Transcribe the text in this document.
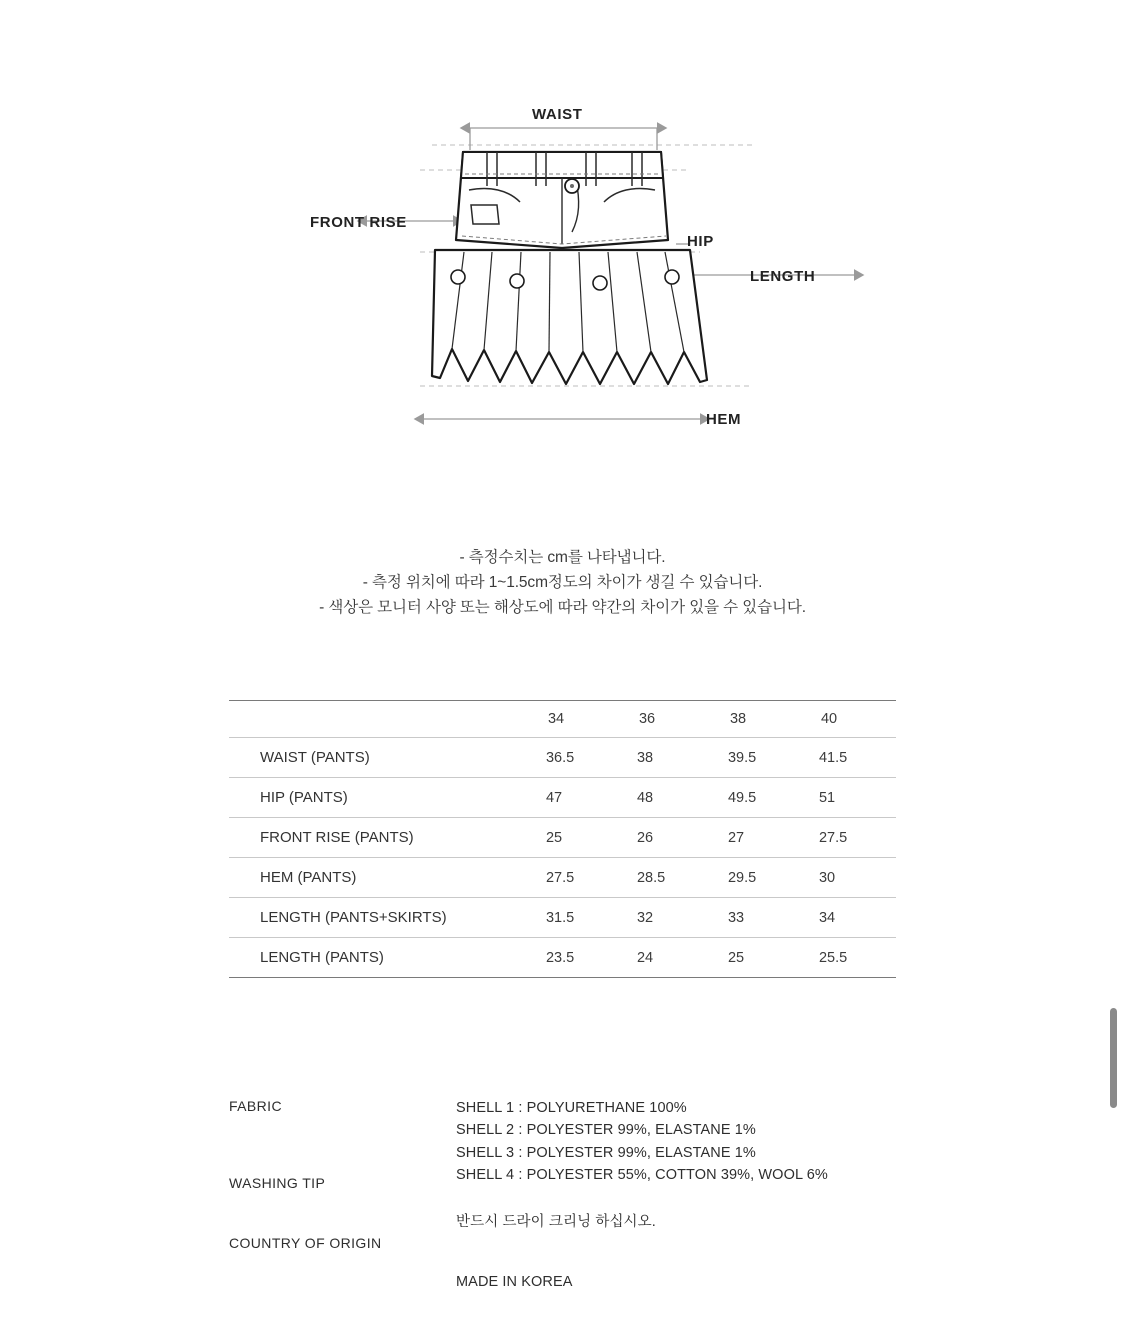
WAIST
FRONT RISE
HIP
LENGTH
HEM
- 측정수치는 cm를 나타냅니다.
- 측정 위치에 따라 1~1.5cm정도의 차이가 생길 수 있습니다.
- 색상은 모니터 사양 또는 해상도에 따라 약간의 차이가 있을 수 있습니다.
	34	36	38	40
WAIST (PANTS)	36.5	38	39.5	41.5
HIP (PANTS)	47	48	49.5	51
FRONT RISE (PANTS)	25	26	27	27.5
HEM (PANTS)	27.5	28.5	29.5	30
LENGTH (PANTS+SKIRTS)	31.5	32	33	34
LENGTH (PANTS)	23.5	24	25	25.5
FABRIC	SHELL 1 : POLYURETHANE 100%
SHELL 2 : POLYESTER 99%, ELASTANE 1%
SHELL 3 : POLYESTER 99%, ELASTANE 1%
SHELL 4 : POLYESTER 55%, COTTON 39%, WOOL 6%
WASHING TIP
반드시 드라이 크리닝 하십시오.
COUNTRY OF ORIGIN
MADE IN KOREA
